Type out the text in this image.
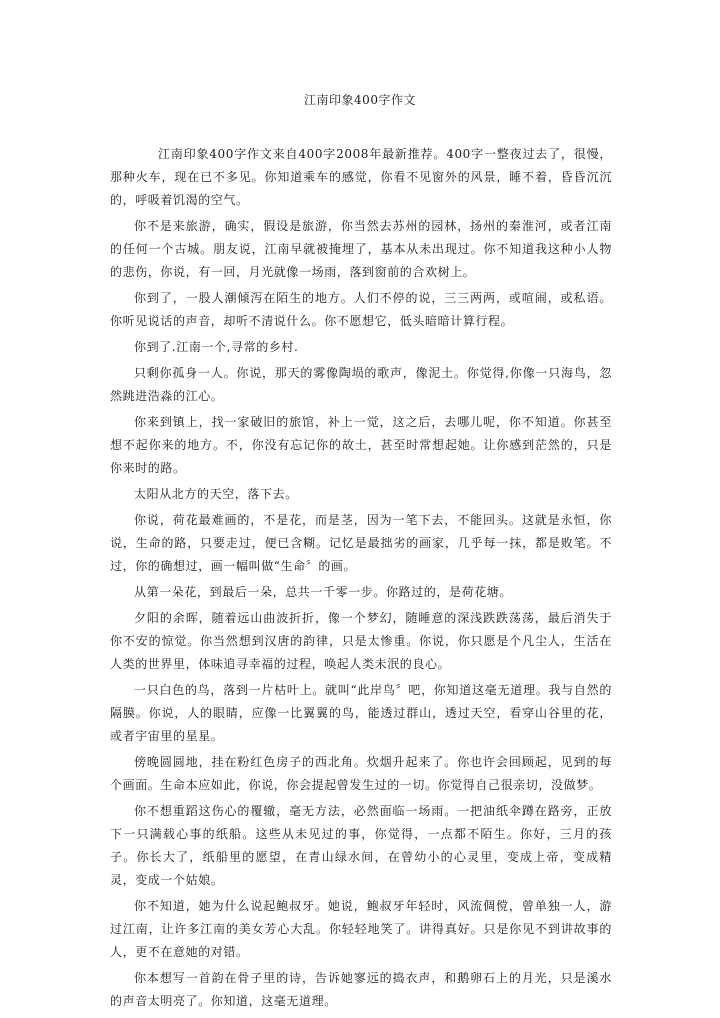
江南印象400字作文

江南印象400字作文来自400字2008年最新推荐。400字一整夜过去了，很慢，那种火车，现在已不多见。你知道乘车的感觉，你看不见窗外的风景，睡不着，昏昏沉沉的，呼吸着饥渴的空气。

你不是来旅游，确实，假设是旅游，你当然去苏州的园林，扬州的秦淮河，或者江南的任何一个古城。朋友说，江南早就被掩埋了，基本从未出现过。你不知道我这种小人物的悲伤，你说，有一回，月光就像一场雨，落到窗前的合欢树上。

你到了，一股人潮倾泻在陌生的地方。人们不停的说，三三两两，或喧闹，或私语。你听见说话的声音，却听不清说什么。你不愿想它，低头暗暗计算行程。

你到了.江南一个,寻常的乡村.

只剩你孤身一人。你说，那天的雾像陶埙的歌声，像泥土。你觉得,你像一只海鸟，忽然跳进浩淼的江心。

你来到镇上，找一家破旧的旅馆，补上一觉，这之后，去哪儿呢，你不知道。你甚至想不起你来的地方。不，你没有忘记你的故土，甚至时常想起她。让你感到茫然的，只是你来时的路。

太阳从北方的天空，落下去。

你说，荷花最难画的，不是花，而是茎，因为一笔下去，不能回头。这就是永恒，你说，生命的路，只要走过，便已含糊。记忆是最拙劣的画家，几乎每一抹，都是败笔。不过，你的确想过，画一幅叫做“生命〞的画。

从第一朵花，到最后一朵，总共一千零一步。你路过的，是荷花塘。

夕阳的余晖，随着远山曲波折折，像一个梦幻，随睡意的深浅跌跌荡荡，最后消失于你不安的惊觉。你当然想到汉唐的韵律，只是太惨重。你说，你只愿是个凡尘人，生活在人类的世界里，体味追寻幸福的过程，唤起人类未泯的良心。

一只白色的鸟，落到一片枯叶上。就叫“此岸鸟〞吧，你知道这毫无道理。我与自然的隔膜。你说，人的眼睛，应像一比翼翼的鸟，能透过群山，透过天空，看穿山谷里的花，或者宇宙里的星星。

傍晚圆圆地，挂在粉红色房子的西北角。炊烟升起来了。你也许会回顾起，见到的每个画面。生命本应如此，你说，你会提起曾发生过的一切。你觉得自己很亲切，没做梦。

你不想重蹈这伤心的覆辙，毫无方法，必然面临一场雨。一把油纸伞蹲在路旁，正放下一只满载心事的纸船。这些从未见过的事，你觉得，一点都不陌生。你好，三月的孩子。你长大了，纸船里的愿望，在青山绿水间，在曾幼小的心灵里，变成上帝，变成精灵，变成一个姑娘。

你不知道，她为什么说起鲍叔牙。她说，鲍叔牙年轻时，风流倜傥，曾单独一人，游过江南，让许多江南的美女芳心大乱。你轻轻地笑了。讲得真好。只是你见不到讲故事的人，更不在意她的对错。

你本想写一首韵在骨子里的诗，告诉她寥远的捣衣声，和鹅卵石上的月光，只是溪水的声音太明亮了。你知道，这毫无道理。
